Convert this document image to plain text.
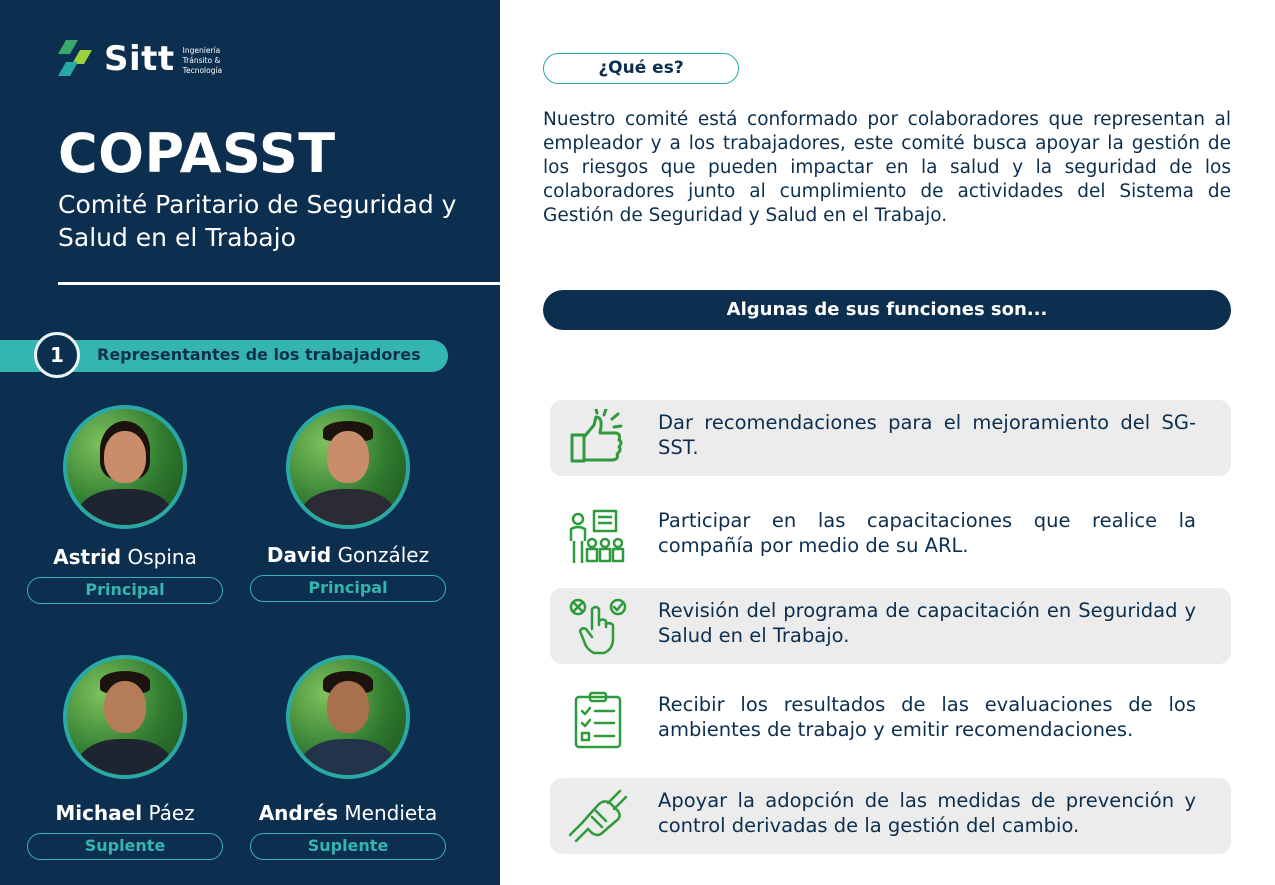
Sitt Ingeniería
Tránsito &
Tecnología
COPASST
Comité Paritario de Seguridad y Salud en el Trabajo
1	Representantes de los trabajadores
Astrid Ospina
Principal
David González
Principal
Michael Páez
Suplente
Andrés Mendieta
Suplente
¿Qué es?
Nuestro comité está conformado por colaboradores que representan al empleador y a los trabajadores, este comité busca apoyar la gestión de los riesgos que pueden impactar en la salud y la seguridad de los colaboradores junto al cumplimiento de actividades del Sistema de Gestión de Seguridad y Salud en el Trabajo.
Algunas de sus funciones son...
Dar recomendaciones para el mejoramiento del SG-SST.
Participar en las capacitaciones que realice la compañía por medio de su ARL.
Revisión del programa de capacitación en Seguridad y Salud en el Trabajo.
Recibir los resultados de las evaluaciones de los ambientes de trabajo y emitir recomendaciones.
Apoyar la adopción de las medidas de prevención y control derivadas de la gestión del cambio.
